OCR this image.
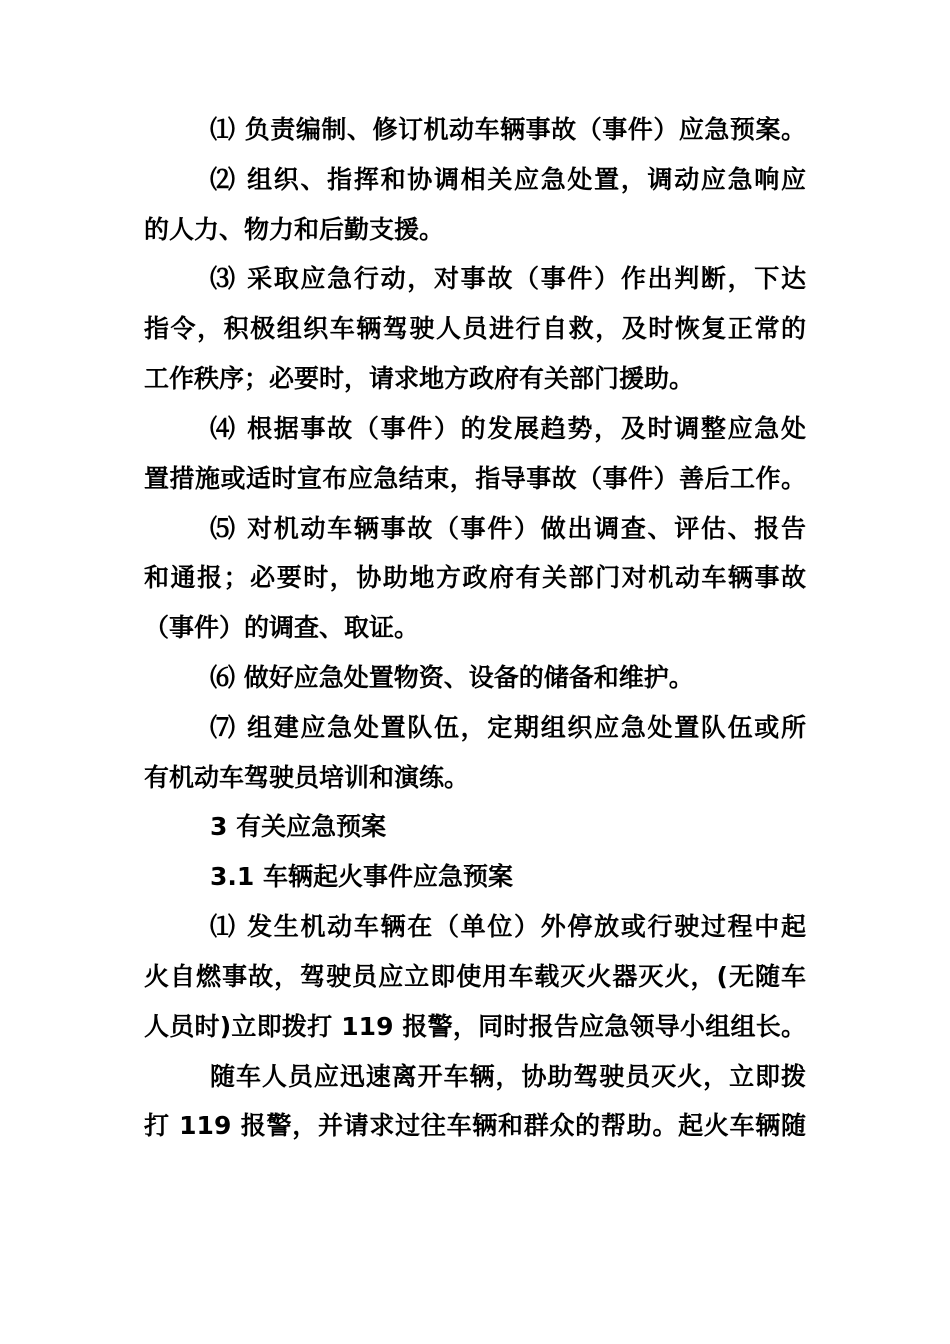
⑴ 负责编制、修订机动车辆事故（事件）应急预案。
⑵ 组织、指挥和协调相关应急处置，调动应急响应
的人力、物力和后勤支援。
⑶ 采取应急行动，对事故（事件）作出判断，下达
指令，积极组织车辆驾驶人员进行自救，及时恢复正常的
工作秩序；必要时，请求地方政府有关部门援助。
⑷ 根据事故（事件）的发展趋势，及时调整应急处
置措施或适时宣布应急结束，指导事故（事件）善后工作。
⑸ 对机动车辆事故（事件）做出调查、评估、报告
和通报；必要时，协助地方政府有关部门对机动车辆事故
（事件）的调查、取证。
⑹ 做好应急处置物资、设备的储备和维护。
⑺ 组建应急处置队伍，定期组织应急处置队伍或所
有机动车驾驶员培训和演练。
3 有关应急预案
3.1 车辆起火事件应急预案
⑴ 发生机动车辆在（单位）外停放或行驶过程中起
火自燃事故，驾驶员应立即使用车载灭火器灭火，(无随车
人员时)立即拨打 119 报警，同时报告应急领导小组组长。
随车人员应迅速离开车辆，协助驾驶员灭火，立即拨
打 119 报警，并请求过往车辆和群众的帮助。起火车辆随
